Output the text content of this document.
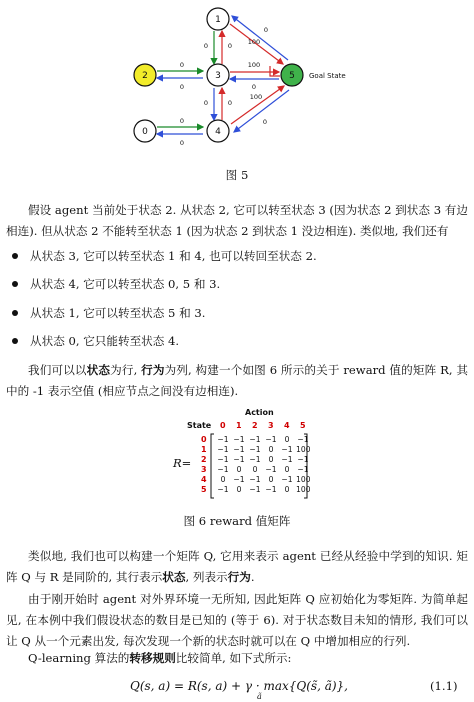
1
2	3
0	4
5
0	0
0
0
0	0
0
0
0
100
100
0
100
0
Goal State
图 5

假设 agent 当前处于状态 2. 从状态 2, 它可以转至状态 3 (因为状态 2 到状态 3 有边相连). 但从状态 2 不能转至状态 1 (因为状态 2 到状态 1 没边相连). 类似地, 我们还有

从状态 3, 它可以转至状态 1 和 4, 也可以转回至状态 2.
从状态 4, 它可以转至状态 0, 5 和 3.
从状态 1, 它可以转至状态 5 和 3.
从状态 0, 它只能转至状态 4.

我们可以以状态为行, 行为为列, 构建一个如图 6 所示的关于 reward 值的矩阵 R, 其中的 -1 表示空值 (相应节点之间没有边相连).

Action
State
R=
0 1 2 3 4 5
0
1
2
3
4
5
−1 −1 −1 −1	0	−1
−1 −1 −1	0	−1 100
−1 −1 −1	0	−1 −1
−1	0	0	−1	0	−1
0	−1 −1	0	−1 100
−1	0	−1 −1	0 100
图 6 reward 值矩阵

类似地, 我们也可以构建一个矩阵 Q, 它用来表示 agent 已经从经验中学到的知识. 矩阵 Q 与 R 是同阶的, 其行表示状态, 列表示行为.

由于刚开始时 agent 对外界环境一无所知, 因此矩阵 Q 应初始化为零矩阵. 为简单起见, 在本例中我们假设状态的数目是已知的 (等于 6). 对于状态数目未知的情形, 我们可以让 Q 从一个元素出发, 每次发现一个新的状态时就可以在 Q 中增加相应的行列.

Q-learning 算法的转移规则比较简单, 如下式所示:

Q(s, a) = R(s, a) + γ · max{Q(s̃, ã)},
ã
(1.1)
